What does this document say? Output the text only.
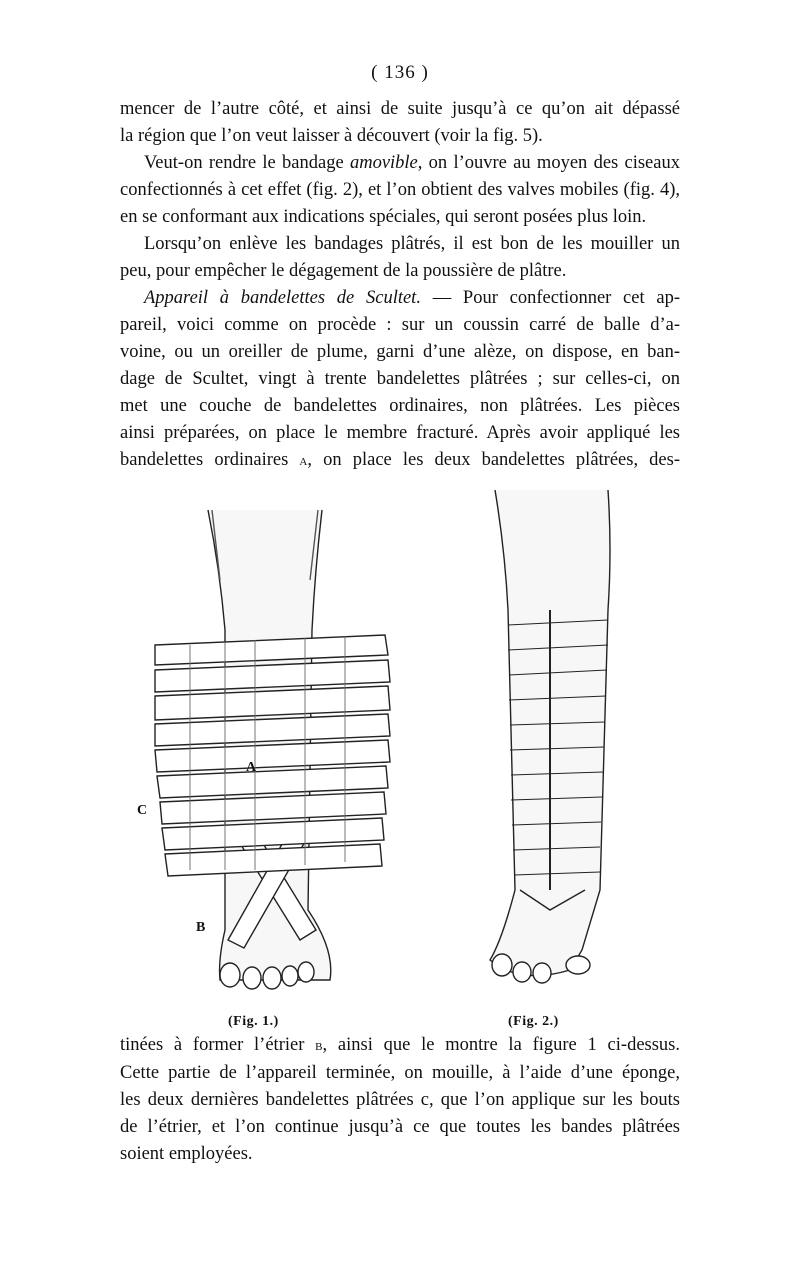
( 136 )
mencer de l’autre côté, et ainsi de suite jusqu’à ce qu’on ait dépassé
la région que l’on veut laisser à découvert (voir la fig. 5).
Veut-on rendre le bandage amovible, on l’ouvre au moyen des ciseaux
confectionnés à cet effet (fig. 2), et l’on obtient des valves mobiles (fig. 4),
en se conformant aux indications spéciales, qui seront posées plus loin.
Lorsqu’on enlève les bandages plâtrés, il est bon de les mouiller un
peu, pour empêcher le dégagement de la poussière de plâtre.
Appareil à bandelettes de Scultet. — Pour confectionner cet ap-
pareil, voici comme on procède : sur un coussin carré de balle d’a-
voine, ou un oreiller de plume, garni d’une alèze, on dispose, en ban-
dage de Scultet, vingt à trente bandelettes plâtrées ; sur celles-ci, on
met une couche de bandelettes ordinaires, non plâtrées. Les pièces
ainsi préparées, on place le membre fracturé. Après avoir appliqué les
bandelettes ordinaires a, on place les deux bandelettes plâtrées, des-
A
C
B
(Fig. 1.)	(Fig. 2.)
tinées à former l’étrier b, ainsi que le montre la figure 1 ci-dessus.
Cette partie de l’appareil terminée, on mouille, à l’aide d’une éponge,
les deux dernières bandelettes plâtrées c, que l’on applique sur les bouts
de l’étrier, et l’on continue jusqu’à ce que toutes les bandes plâtrées
soient employées.
